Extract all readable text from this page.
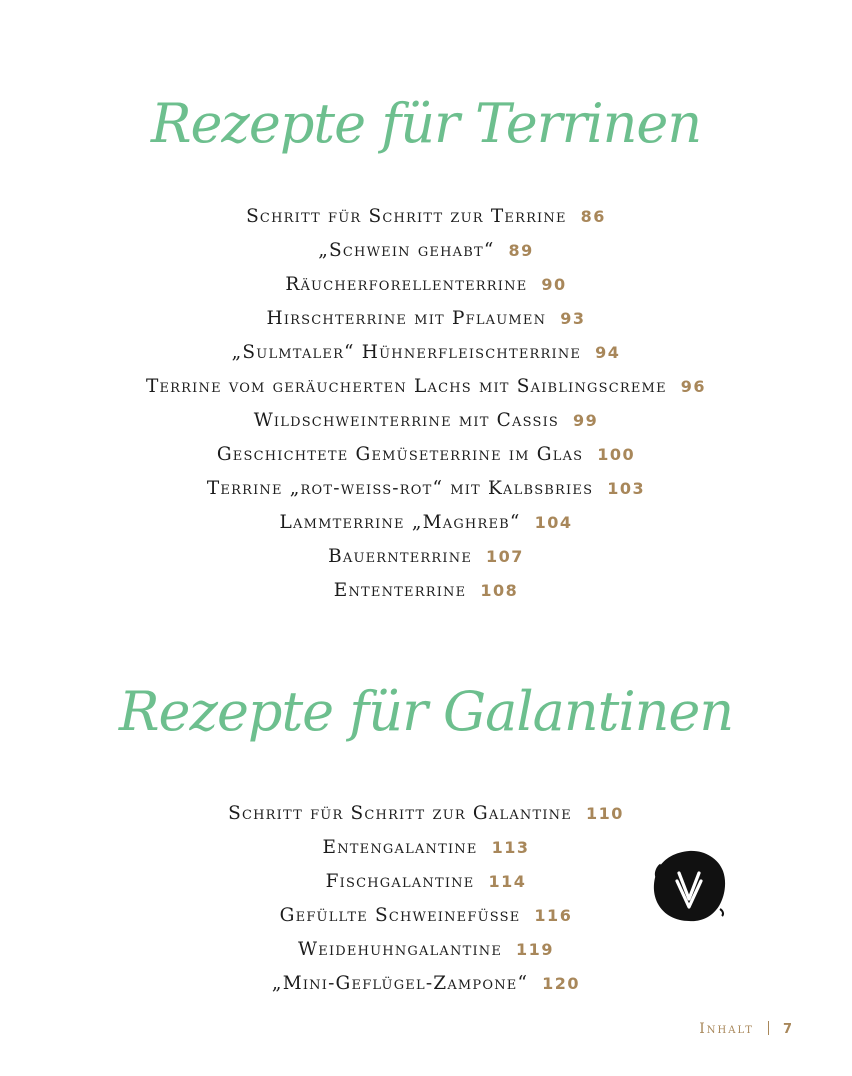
Rezepte für Terrinen
Schritt für Schritt zur Terrine 86
„Schwein gehabt“ 89
Räucherforellenterrine 90
Hirschterrine mit Pflaumen 93
„Sulmtaler“ Hühnerfleischterrine 94
Terrine vom geräucherten Lachs mit Saiblingscreme 96
Wildschweinterrine mit Cassis 99
Geschichtete Gemüseterrine im Glas 100
Terrine „rot-weiss-rot“ mit Kalbsbries 103
Lammterrine „Maghreb“ 104
Bauernterrine 107
Ententerrine 108
Rezepte für Galantinen
Schritt für Schritt zur Galantine 110
Entengalantine 113
Fischgalantine 114
Gefüllte Schweinefüsse 116
Weidehuhngalantine 119
„Mini-Geflügel-Zampone“ 120
Inhalt 7
